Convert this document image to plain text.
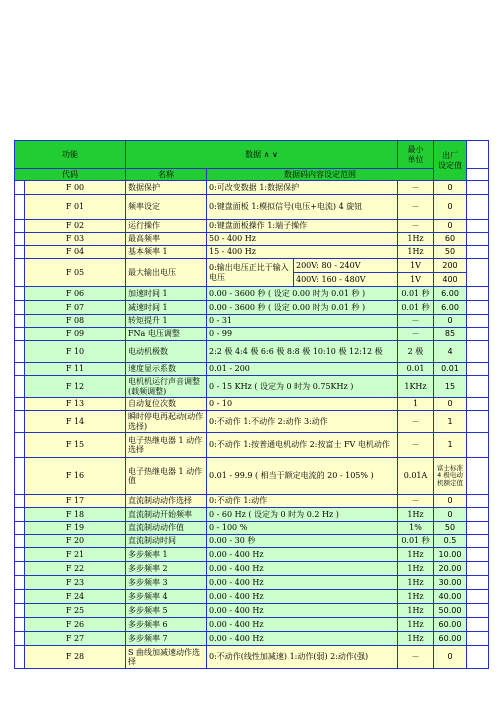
功能		数据 ∧ ∨			最小
单位	出厂
设定值	
代码		名称	数据码内容设定范围				
	F 00	数据保护	0:可改变数据 1:数据保护		－	0	
	F 01	频率设定	0:键盘面板 1:模拟信号(电压+电流) 4 旋钮		－	0	
	F 02	运行操作	0:键盘面板操作 1:端子操作		－	0	
	F 03	最高频率	50 - 400 Hz		1Hz	60	
	F 04	基本频率 1	15 - 400 Hz		1Hz	50	
	F 05	最大输出电压	0:输出电压正比于输入电压	200V: 80 - 240V	1V	200	
				400V: 160 - 480V	1V	400	
	F 06	加速时间 1	0.00 - 3600 秒 ( 设定 0.00 时为 0.01 秒 )		0.01 秒	6.00	
	F 07	减速时间 1	0.00 - 3600 秒 ( 设定 0.00 时为 0.01 秒 )		0.01 秒	6.00	
	F 08	转矩提升 1	0 - 31		－	0	
	F 09	FNa 电压调整	0 - 99		－	85	
	F 10	电动机极数	2:2 极 4:4 极 6:6 极 8:8 极 10:10 极 12:12 极		2 极	4	
	F 11	速度显示系数	0.01 - 200		0.01	0.01	
	F 12	电机机运行声音调整(载频调整)	0 - 15 KHz ( 设定为 0 时为 0.75KHz )		1KHz	15	
	F 13	自动复位次数	0 - 10		1	0	
	F 14	瞬时停电再起动(动作选择)	0:不动作 1:不动作 2:动作 3:动作		－	1	
	F 15	电子热继电器 1 动作选择	0:不动作 1:按普通电机动作 2:按富士 FV 电机动作		－	1	
	F 16	电子热继电器 1 动作值	0.01 - 99.9 ( 相当于额定电流的 20 - 105% )		0.01A	富士标准 4 极电动机额定值	
	F 17	直流制动动作选择	0:不动作 1:动作		－	0	
	F 18	直流制动开始频率	0 - 60 Hz ( 设定为 0 时为 0.2 Hz )		1Hz	0	
	F 19	直流制动动作值	0 - 100 %		1%	50	
	F 20	直流制动时间	0.00 - 30 秒		0.01 秒	0.5	
	F 21	多步频率 1	0.00 - 400 Hz		1Hz	10.00	
	F 22	多步频率 2	0.00 - 400 Hz		1Hz	20.00	
	F 23	多步频率 3	0.00 - 400 Hz		1Hz	30.00	
	F 24	多步频率 4	0.00 - 400 Hz		1Hz	40.00	
	F 25	多步频率 5	0.00 - 400 Hz		1Hz	50.00	
	F 26	多步频率 6	0.00 - 400 Hz		1Hz	60.00	
	F 27	多步频率 7	0.00 - 400 Hz		1Hz	60.00	
	F 28	S 曲线加减速动作选择	0:不动作(线性加减速) 1:动作(弱) 2:动作(强)		－	0	
